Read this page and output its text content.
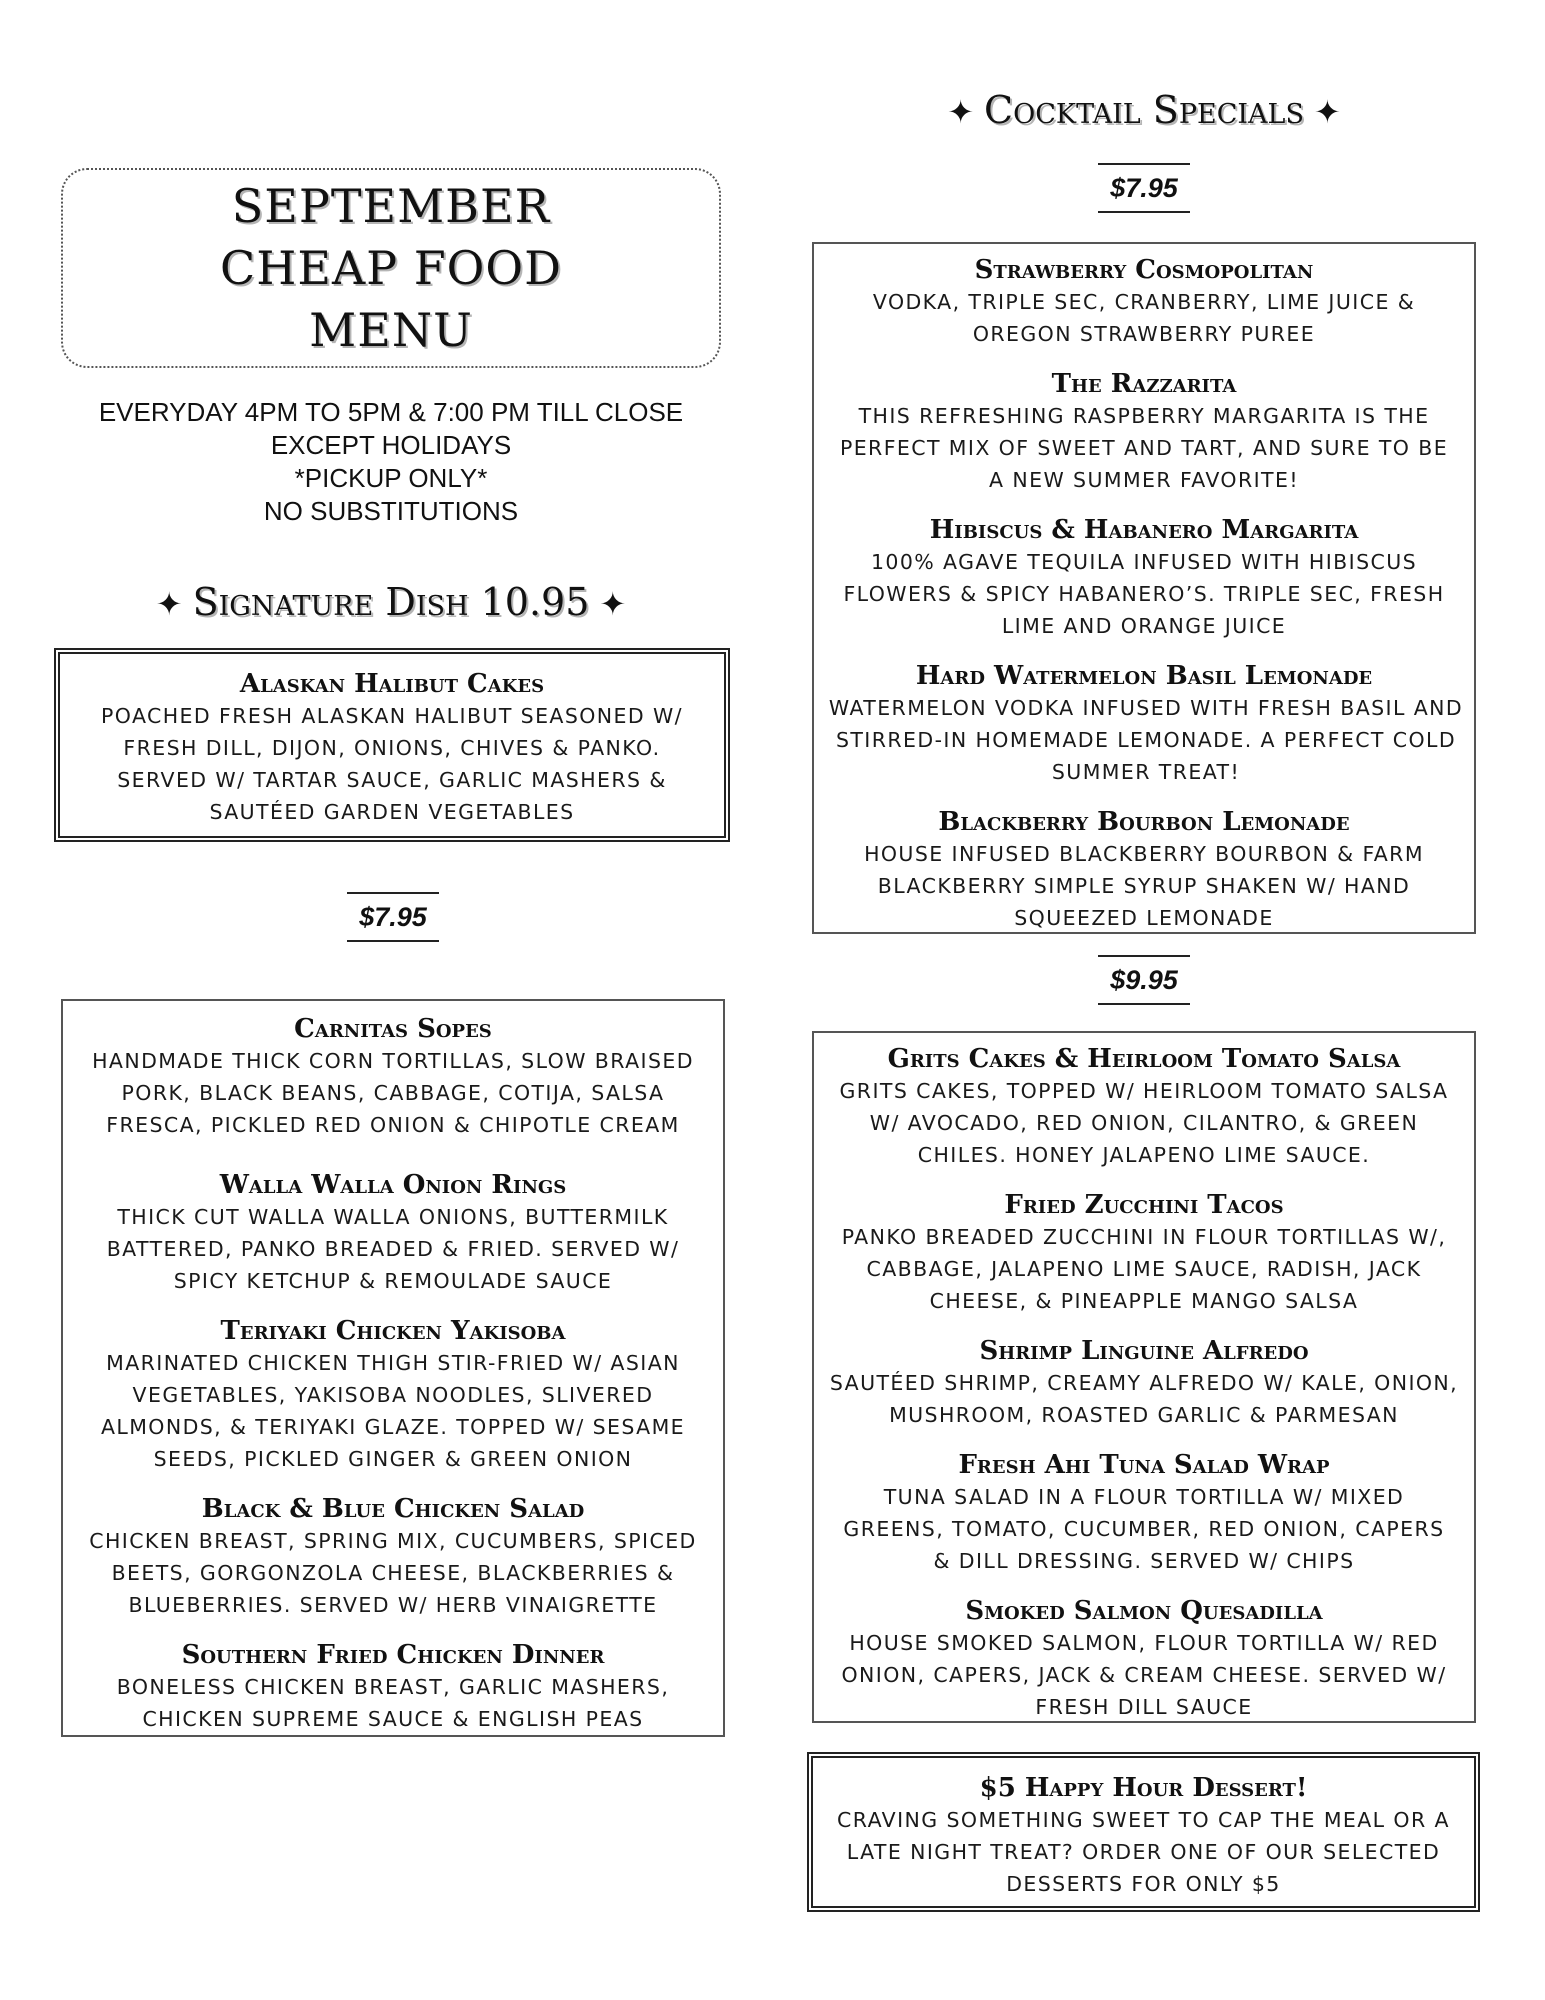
SEPTEMBER
CHEAP FOOD
MENU
EVERYDAY 4PM TO 5PM & 7:00 PM TILL CLOSE
EXCEPT HOLIDAYS
*PICKUP ONLY*
NO SUBSTITUTIONS
✦ Signature Dish 10.95 ✦
Alaskan Halibut Cakes
POACHED FRESH ALASKAN HALIBUT SEASONED W/ FRESH DILL, DIJON, ONIONS, CHIVES & PANKO. SERVED W/ TARTAR SAUCE, GARLIC MASHERS & SAUTÉED GARDEN VEGETABLES
$7.95
Carnitas Sopes
HANDMADE THICK CORN TORTILLAS, SLOW BRAISED PORK, BLACK BEANS, CABBAGE, COTIJA, SALSA FRESCA, PICKLED RED ONION & CHIPOTLE CREAM
Walla Walla Onion Rings
THICK CUT WALLA WALLA ONIONS, BUTTERMILK BATTERED, PANKO BREADED & FRIED. SERVED W/ SPICY KETCHUP & REMOULADE SAUCE
Teriyaki Chicken Yakisoba
MARINATED CHICKEN THIGH STIR-FRIED W/ ASIAN VEGETABLES, YAKISOBA NOODLES, SLIVERED ALMONDS, & TERIYAKI GLAZE. TOPPED W/ SESAME SEEDS, PICKLED GINGER & GREEN ONION
Black & Blue Chicken Salad
CHICKEN BREAST, SPRING MIX, CUCUMBERS, SPICED BEETS, GORGONZOLA CHEESE, BLACKBERRIES & BLUEBERRIES. SERVED W/ HERB VINAIGRETTE
Southern Fried Chicken Dinner
BONELESS CHICKEN BREAST, GARLIC MASHERS, CHICKEN SUPREME SAUCE & ENGLISH PEAS
✦ Cocktail Specials ✦
$7.95
Strawberry Cosmopolitan
VODKA, TRIPLE SEC, CRANBERRY, LIME JUICE & OREGON STRAWBERRY PUREE
The Razzarita
THIS REFRESHING RASPBERRY MARGARITA IS THE PERFECT MIX OF SWEET AND TART, AND SURE TO BE A NEW SUMMER FAVORITE!
Hibiscus & Habanero Margarita
100% AGAVE TEQUILA INFUSED WITH HIBISCUS FLOWERS & SPICY HABANERO’S. TRIPLE SEC, FRESH LIME AND ORANGE JUICE
Hard Watermelon Basil Lemonade
WATERMELON VODKA INFUSED WITH FRESH BASIL AND STIRRED-IN HOMEMADE LEMONADE. A PERFECT COLD SUMMER TREAT!
Blackberry Bourbon Lemonade
HOUSE INFUSED BLACKBERRY BOURBON & FARM BLACKBERRY SIMPLE SYRUP SHAKEN W/ HAND SQUEEZED LEMONADE
$9.95
Grits Cakes & Heirloom Tomato Salsa
GRITS CAKES, TOPPED W/ HEIRLOOM TOMATO SALSA W/ AVOCADO, RED ONION, CILANTRO, & GREEN CHILES. HONEY JALAPENO LIME SAUCE.
Fried Zucchini Tacos
PANKO BREADED ZUCCHINI IN FLOUR TORTILLAS W/, CABBAGE, JALAPENO LIME SAUCE, RADISH, JACK CHEESE, & PINEAPPLE MANGO SALSA
Shrimp Linguine Alfredo
SAUTÉED SHRIMP, CREAMY ALFREDO W/ KALE, ONION, MUSHROOM, ROASTED GARLIC & PARMESAN
Fresh Ahi Tuna Salad Wrap
TUNA SALAD IN A FLOUR TORTILLA W/ MIXED GREENS, TOMATO, CUCUMBER, RED ONION, CAPERS & DILL DRESSING. SERVED W/ CHIPS
Smoked Salmon Quesadilla
HOUSE SMOKED SALMON, FLOUR TORTILLA W/ RED ONION, CAPERS, JACK & CREAM CHEESE. SERVED W/ FRESH DILL SAUCE
$5 Happy Hour Dessert!
CRAVING SOMETHING SWEET TO CAP THE MEAL OR A LATE NIGHT TREAT? ORDER ONE OF OUR SELECTED DESSERTS FOR ONLY $5
